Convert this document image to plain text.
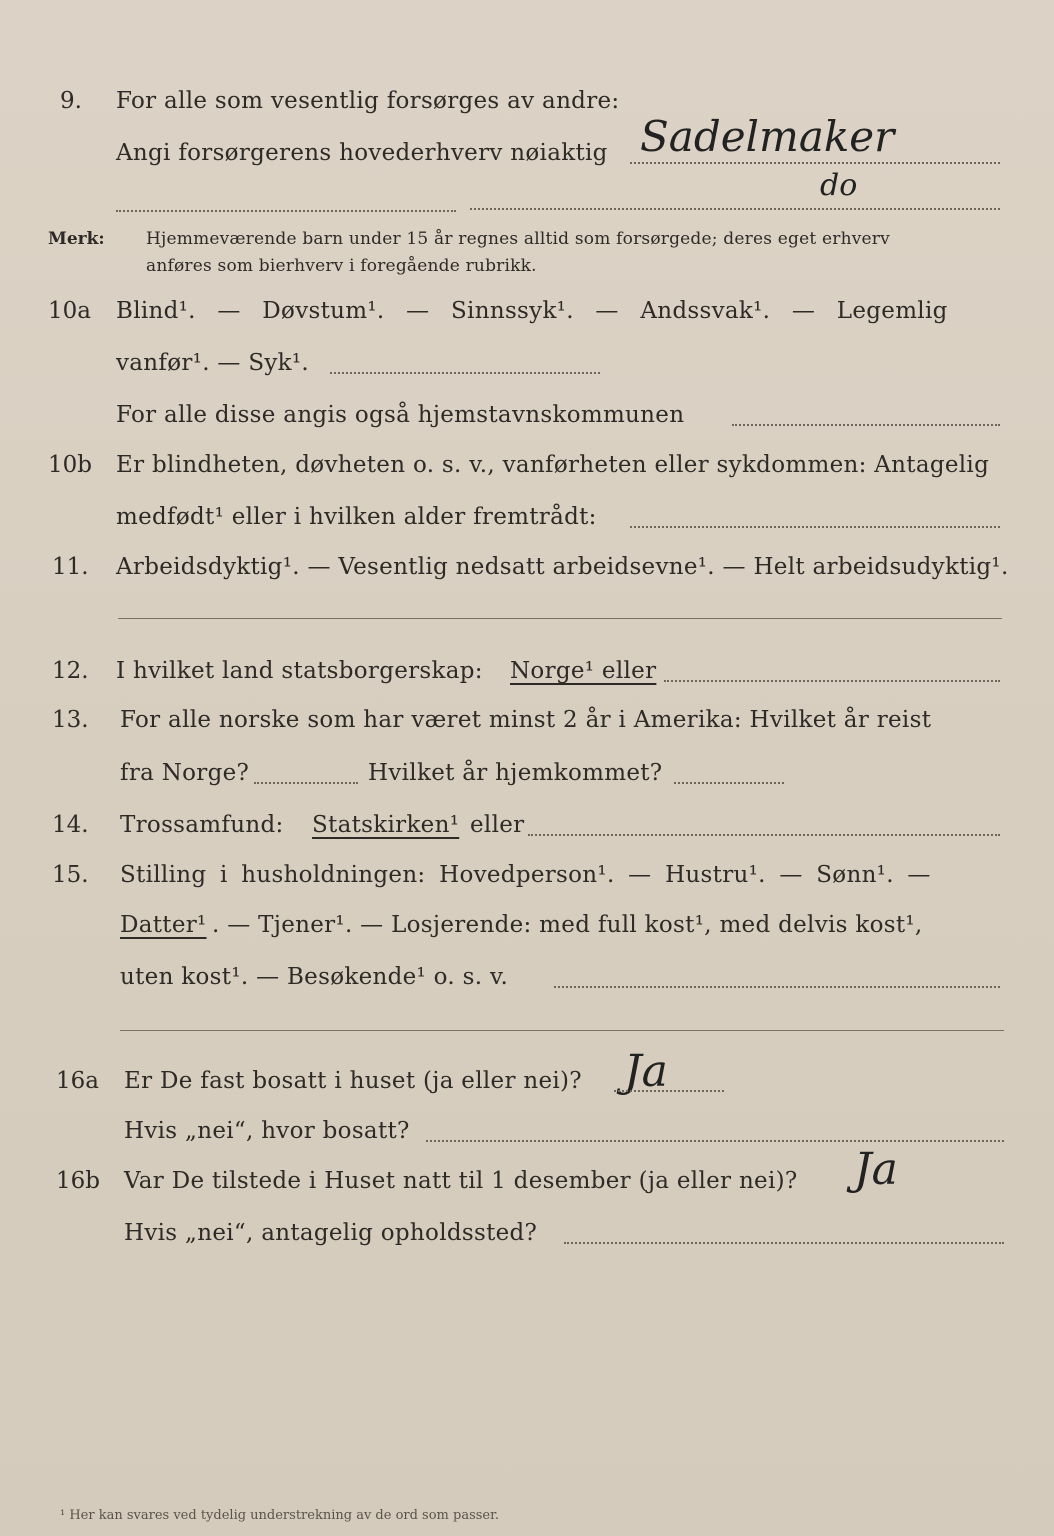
9. For alle som vesentlig forsørges av andre:
Angi forsørgerens hovederhverv nøiaktig Sadelmaker
do
Merk: Hjemmeværende barn under 15 år regnes alltid som forsørgede; deres eget erhverv
anføres som bierhverv i foregående rubrikk.
10a Blind¹. — Døvstum¹. — Sinnssyk¹. — Andssvak¹. — Legemlig
vanfør¹. — Syk¹.
For alle disse angis også hjemstavnskommunen
10b Er blindheten, døvheten o. s. v., vanførheten eller sykdommen: Antagelig
medfødt¹ eller i hvilken alder fremtrådt:
11. Arbeidsdyktig¹. — Vesentlig nedsatt arbeidsevne¹. — Helt arbeidsudyktig¹.
12. I hvilket land statsborgerskap: Norge¹ eller
13. For alle norske som har været minst 2 år i Amerika: Hvilket år reist
fra Norge?	Hvilket år hjemkommet?
14. Trossamfund: Statskirken¹ eller
15. Stilling i husholdningen: Hovedperson¹. — Hustru¹. — Sønn¹. —
Datter¹ . — Tjener¹. — Losjerende: med full kost¹, med delvis kost¹,
uten kost¹. — Besøkende¹ o. s. v.
16a Er De fast bosatt i huset (ja eller nei)? Ja
Hvis „nei“, hvor bosatt?
16b Var De tilstede i Huset natt til 1 desember (ja eller nei)? Ja
Hvis „nei“, antagelig opholdssted?
¹ Her kan svares ved tydelig understrekning av de ord som passer.
